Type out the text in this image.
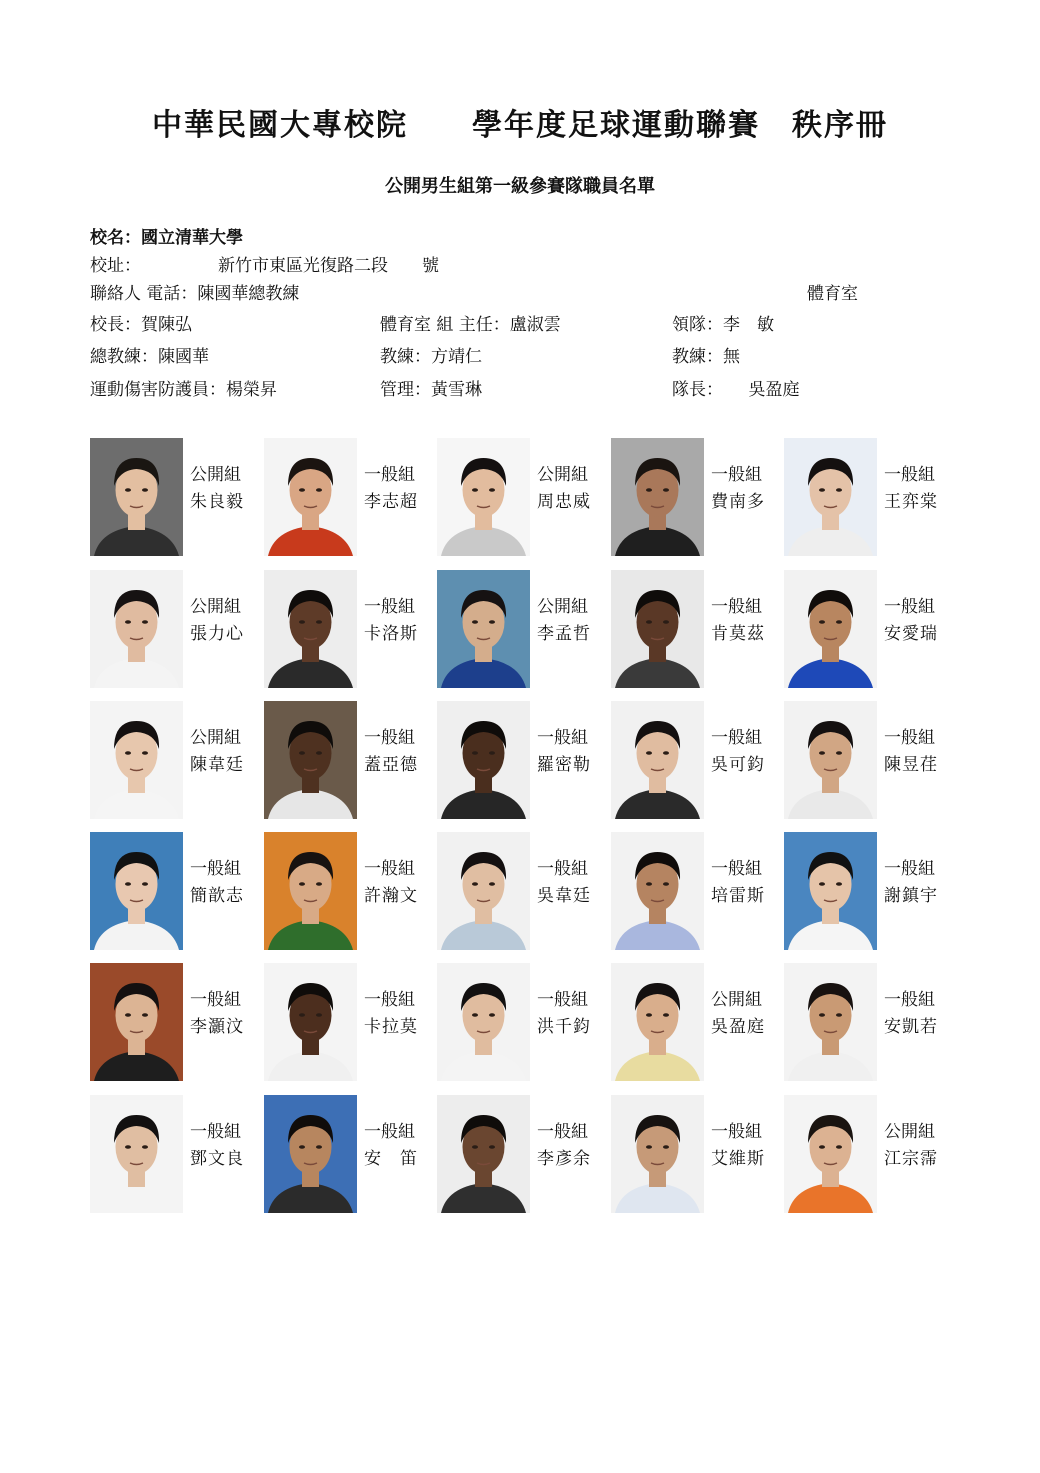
中華民國大專校院　　學年度足球運動聯賽　秩序冊
公開男生組第一級參賽隊職員名單
校名：國立清華大學
校址：	新竹市東區光復路二段　　號
聯絡人 電話：陳國華總教練	體育室
校長：賀陳弘	體育室 組 主任：盧淑雲	領隊：李　敏
總教練：陳國華	教練：方靖仁	教練：無
運動傷害防護員：楊榮昇	管理：黃雪琳	隊長：　　吳盈庭
公開組
朱良毅
一般組
李志超
公開組
周忠威
一般組
費南多
一般組
王弈棠
公開組
張力心
一般組
卡洛斯
公開組
李孟哲
一般組
肯莫茲
一般組
安愛瑞
公開組
陳韋廷
一般組
蓋亞德
一般組
羅密勒
一般組
吳可鈞
一般組
陳昱荏
一般組
簡歆志
一般組
許瀚文
一般組
吳韋廷
一般組
培雷斯
一般組
謝鎮宇
一般組
李灝汶
一般組
卡拉莫
一般組
洪千鈞
公開組
吳盈庭
一般組
安凱若
一般組
鄧文良
一般組
安　笛
一般組
李彥余
一般組
艾維斯
公開組
江宗霈
